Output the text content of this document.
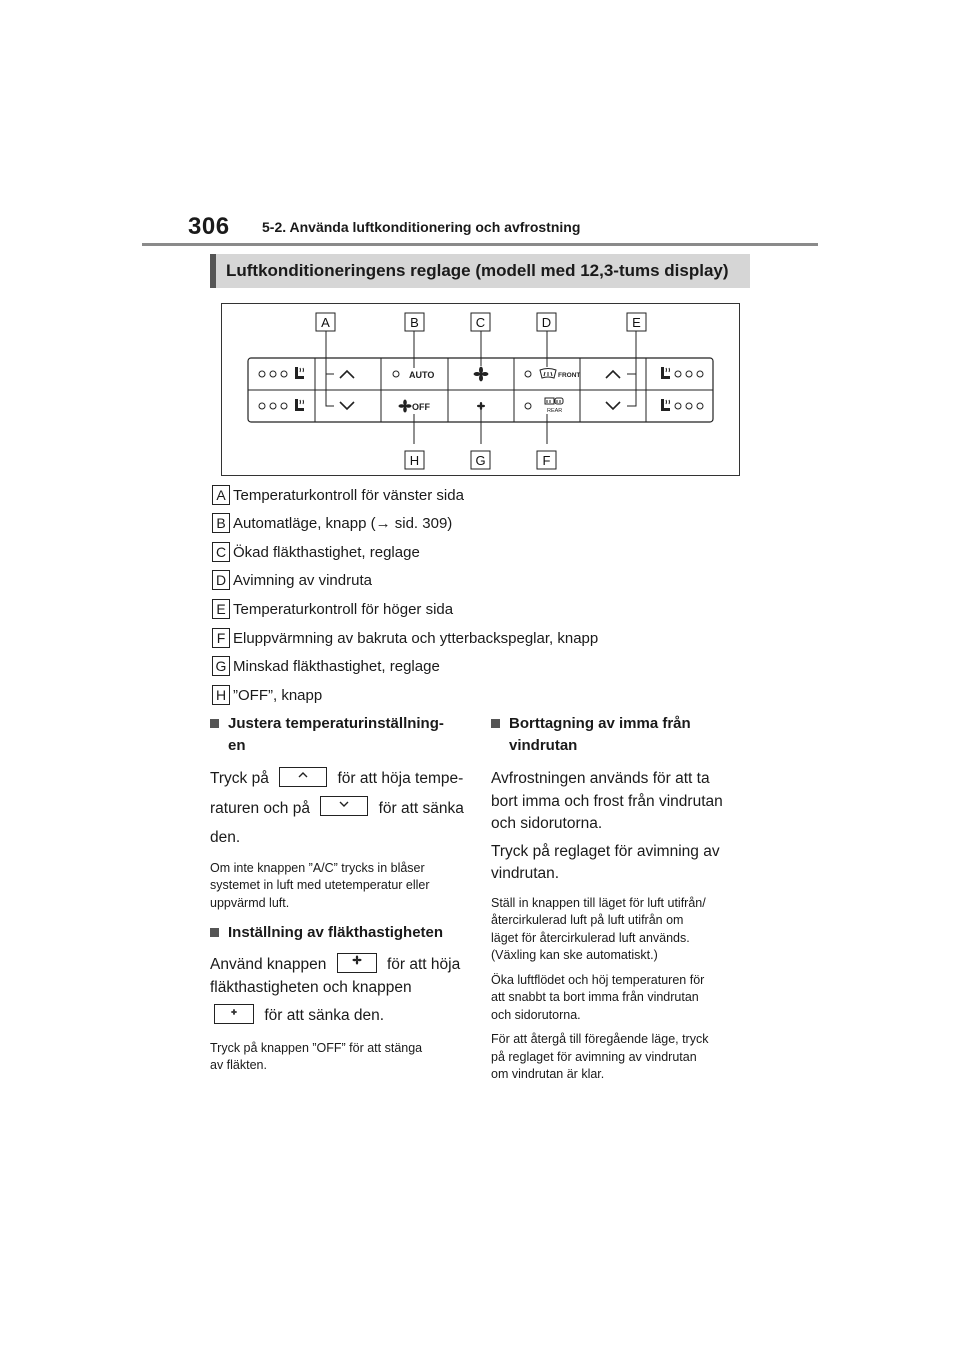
306 5-2. Använda luftkonditionering och avfrostning
Luftkonditioneringens reglage (modell med 12,3-tums display)
AUTO
OFF
FRONT
REAR
A	B	C	D	E
H	G	F
A Temperaturkontroll för vänster sida
B Automatläge, knapp (→ sid. 309)
C Ökad fläkthastighet, reglage
D Avimning av vindruta
E Temperaturkontroll för höger sida
F Eluppvärmning av bakruta och ytterbackspeglar, knapp
G Minskad fläkthastighet, reglage
H ”OFF”, knapp
Justera temperaturinställning-
en
Tryck på	för att höja tempe-
raturen och på	för att sänka
den.
Om inte knappen ”A/C” trycks in blåser
systemet in luft med utetemperatur eller
uppvärmd luft.
Inställning av fläkthastigheten
Använd knappen	för att höja
fläkthastigheten och knappen
för att sänka den.
Tryck på knappen ”OFF” för att stänga
av fläkten.
Borttagning av imma från
vindrutan
Avfrostningen används för att ta
bort imma och frost från vindrutan
och sidorutorna.
Tryck på reglaget för avimning av
vindrutan.
Ställ in knappen till läget för luft utifrån/
återcirkulerad luft på luft utifrån om
läget för återcirkulerad luft används.
(Växling kan ske automatiskt.)
Öka luftflödet och höj temperaturen för
att snabbt ta bort imma från vindrutan
och sidorutorna.
För att återgå till föregående läge, tryck
på reglaget för avimning av vindrutan
om vindrutan är klar.
